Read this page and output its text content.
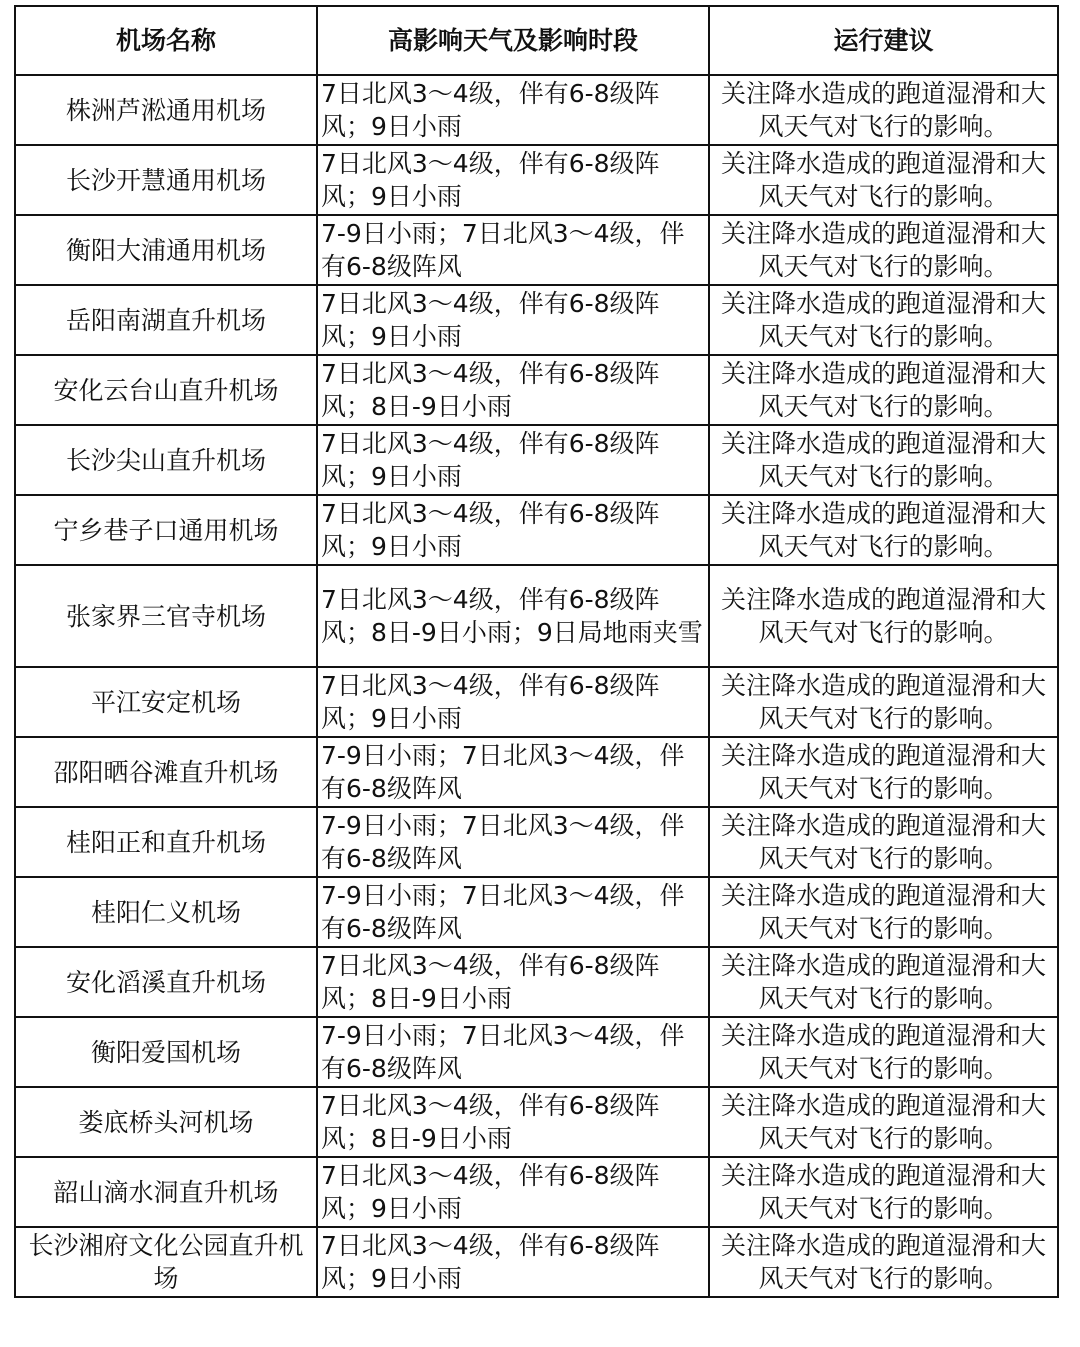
机场名称	高影响天气及影响时段	运行建议
株洲芦淞通用机场	7日北风3～4级，伴有6-8级阵风；9日小雨	关注降水造成的跑道湿滑和大风天气对飞行的影响。
长沙开慧通用机场	7日北风3～4级，伴有6-8级阵风；9日小雨	关注降水造成的跑道湿滑和大风天气对飞行的影响。
衡阳大浦通用机场	7-9日小雨；7日北风3～4级，伴有6-8级阵风	关注降水造成的跑道湿滑和大风天气对飞行的影响。
岳阳南湖直升机场	7日北风3～4级，伴有6-8级阵风；9日小雨	关注降水造成的跑道湿滑和大风天气对飞行的影响。
安化云台山直升机场	7日北风3～4级，伴有6-8级阵风；8日-9日小雨	关注降水造成的跑道湿滑和大风天气对飞行的影响。
长沙尖山直升机场	7日北风3～4级，伴有6-8级阵风；9日小雨	关注降水造成的跑道湿滑和大风天气对飞行的影响。
宁乡巷子口通用机场	7日北风3～4级，伴有6-8级阵风；9日小雨	关注降水造成的跑道湿滑和大风天气对飞行的影响。
张家界三官寺机场	7日北风3～4级，伴有6-8级阵风；8日-9日小雨；9日局地雨夹雪	关注降水造成的跑道湿滑和大风天气对飞行的影响。
平江安定机场	7日北风3～4级，伴有6-8级阵风；9日小雨	关注降水造成的跑道湿滑和大风天气对飞行的影响。
邵阳晒谷滩直升机场	7-9日小雨；7日北风3～4级，伴有6-8级阵风	关注降水造成的跑道湿滑和大风天气对飞行的影响。
桂阳正和直升机场	7-9日小雨；7日北风3～4级，伴有6-8级阵风	关注降水造成的跑道湿滑和大风天气对飞行的影响。
桂阳仁义机场	7-9日小雨；7日北风3～4级，伴有6-8级阵风	关注降水造成的跑道湿滑和大风天气对飞行的影响。
安化滔溪直升机场	7日北风3～4级，伴有6-8级阵风；8日-9日小雨	关注降水造成的跑道湿滑和大风天气对飞行的影响。
衡阳爱国机场	7-9日小雨；7日北风3～4级，伴有6-8级阵风	关注降水造成的跑道湿滑和大风天气对飞行的影响。
娄底桥头河机场	7日北风3～4级，伴有6-8级阵风；8日-9日小雨	关注降水造成的跑道湿滑和大风天气对飞行的影响。
韶山滴水洞直升机场	7日北风3～4级，伴有6-8级阵风；9日小雨	关注降水造成的跑道湿滑和大风天气对飞行的影响。
长沙湘府文化公园直升机场	7日北风3～4级，伴有6-8级阵风；9日小雨	关注降水造成的跑道湿滑和大风天气对飞行的影响。
